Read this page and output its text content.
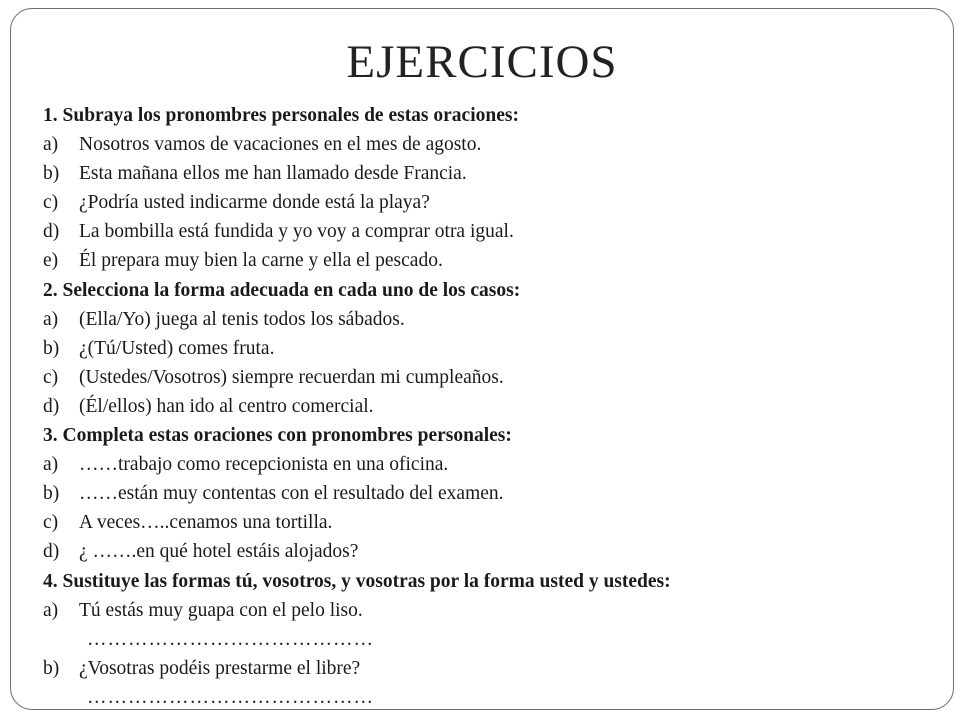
EJERCICIOS
1. Subraya los pronombres personales de estas oraciones:
a) Nosotros vamos de vacaciones en el mes de agosto.
b) Esta mañana ellos me han llamado desde Francia.
c) ¿Podría usted indicarme donde está la playa?
d) La bombilla está fundida y yo voy a comprar otra igual.
e) Él prepara muy bien la carne y ella el pescado.
2. Selecciona la forma adecuada en cada uno de los casos:
a) (Ella/Yo) juega al tenis todos los sábados.
b) ¿(Tú/Usted) comes fruta.
c) (Ustedes/Vosotros) siempre recuerdan mi cumpleaños.
d) (Él/ellos) han ido al centro comercial.
3. Completa estas oraciones con pronombres personales:
a) ……trabajo como recepcionista en una oficina.
b) ……están muy contentas con el resultado del examen.
c) A veces…..cenamos una tortilla.
d) ¿ …….en qué hotel estáis alojados?
4. Sustituye las formas tú, vosotros, y vosotras por la forma usted y ustedes:
a) Tú estás muy guapa con el pelo liso.
……………………………………
b) ¿Vosotras podéis prestarme el libre?
……………………………………
